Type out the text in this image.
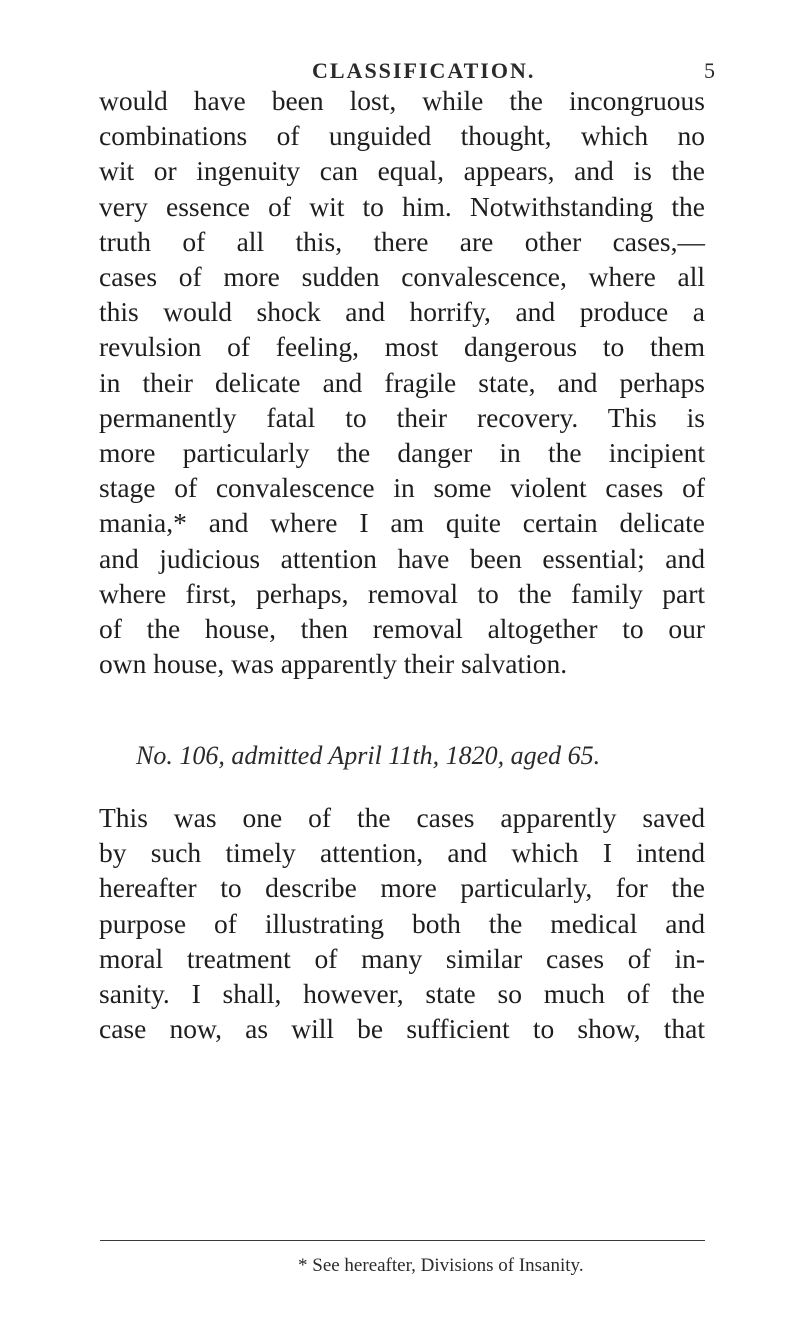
CLASSIFICATION.	5
would have been lost, while the incongruous
combinations of unguided thought, which no
wit or ingenuity can equal, appears, and is the
very essence of wit to him. Notwithstanding the
truth of all this, there are other cases,—
cases of more sudden convalescence, where all
this would shock and horrify, and produce a
revulsion of feeling, most dangerous to them
in their delicate and fragile state, and perhaps
permanently fatal to their recovery. This is
more particularly the danger in the incipient
stage of convalescence in some violent cases of
mania,* and where I am quite certain delicate
and judicious attention have been essential; and
where first, perhaps, removal to the family part
of the house, then removal altogether to our
own house, was apparently their salvation.
No. 106, admitted April 11th, 1820, aged 65.
This was one of the cases apparently saved
by such timely attention, and which I intend
hereafter to describe more particularly, for the
purpose of illustrating both the medical and
moral treatment of many similar cases of in-
sanity. I shall, however, state so much of the
case now, as will be sufficient to show, that
* See hereafter, Divisions of Insanity.
